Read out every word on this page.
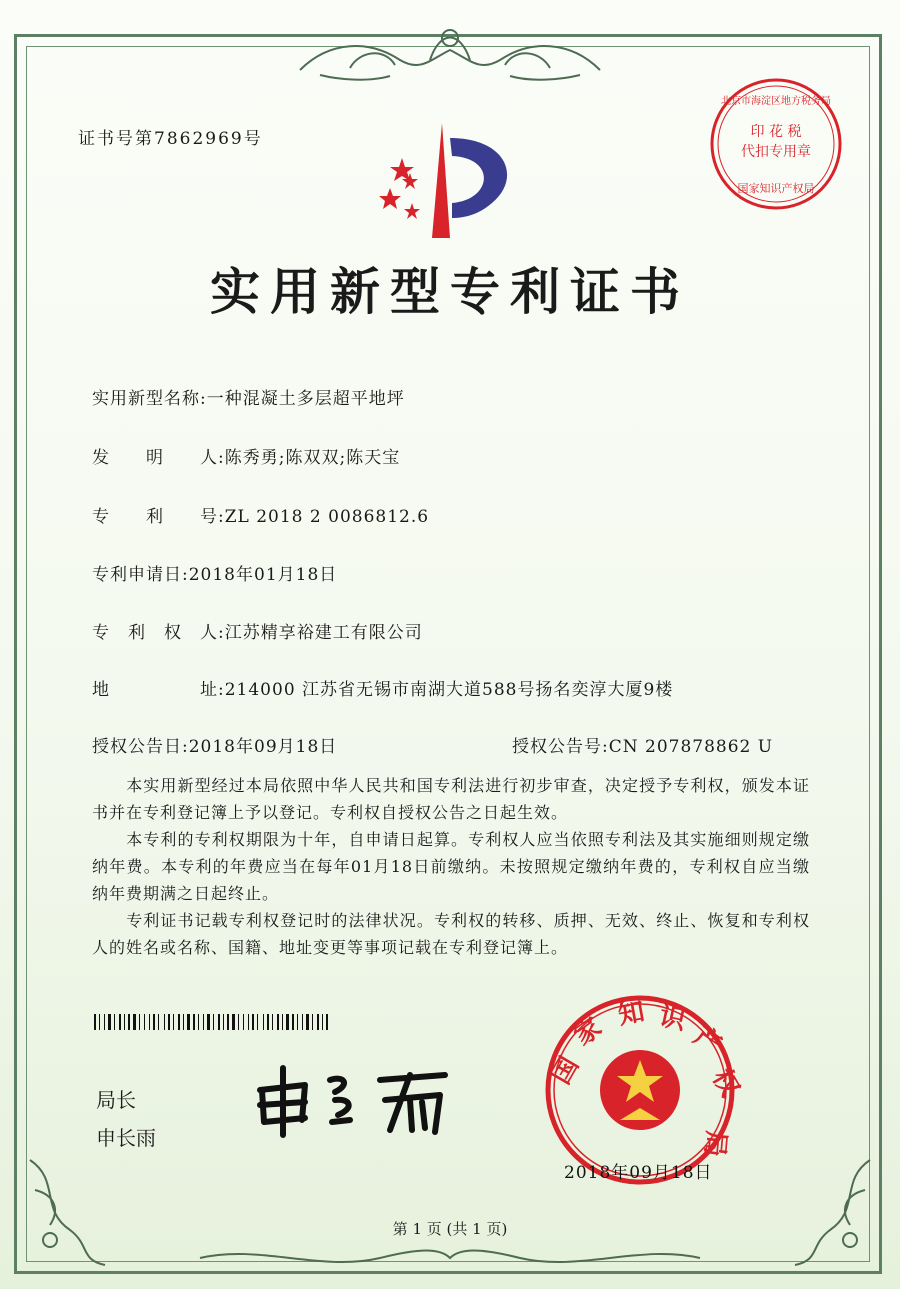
证书号第7862969号	印 花 税
代扣专用章
北京市海淀区地方税务局
国家知识产权局
实用新型专利证书
实用新型名称:一种混凝土多层超平地坪
发　　明　　人:陈秀勇;陈双双;陈天宝
专　　利　　号:ZL 2018 2 0086812.6
专利申请日:2018年01月18日
专　利　权　人:江苏精享裕建工有限公司
地　　　　　址:214000 江苏省无锡市南湖大道588号扬名奕淳大厦9楼
授权公告日:2018年09月18日	授权公告号:CN 207878862 U
　　本实用新型经过本局依照中华人民共和国专利法进行初步审查，决定授予专利权，颁发本证书并在专利登记簿上予以登记。专利权自授权公告之日起生效。
　　本专利的专利权期限为十年，自申请日起算。专利权人应当依照专利法及其实施细则规定缴纳年费。本专利的年费应当在每年01月18日前缴纳。未按照规定缴纳年费的，专利权自应当缴纳年费期满之日起终止。
　　专利证书记载专利权登记时的法律状况。专利权的转移、质押、无效、终止、恢复和专利权人的姓名或名称、国籍、地址变更等事项记载在专利登记簿上。
局长
申长雨
国
家 知 识
产
权
局
2018年09月18日
第 1 页 (共 1 页)
